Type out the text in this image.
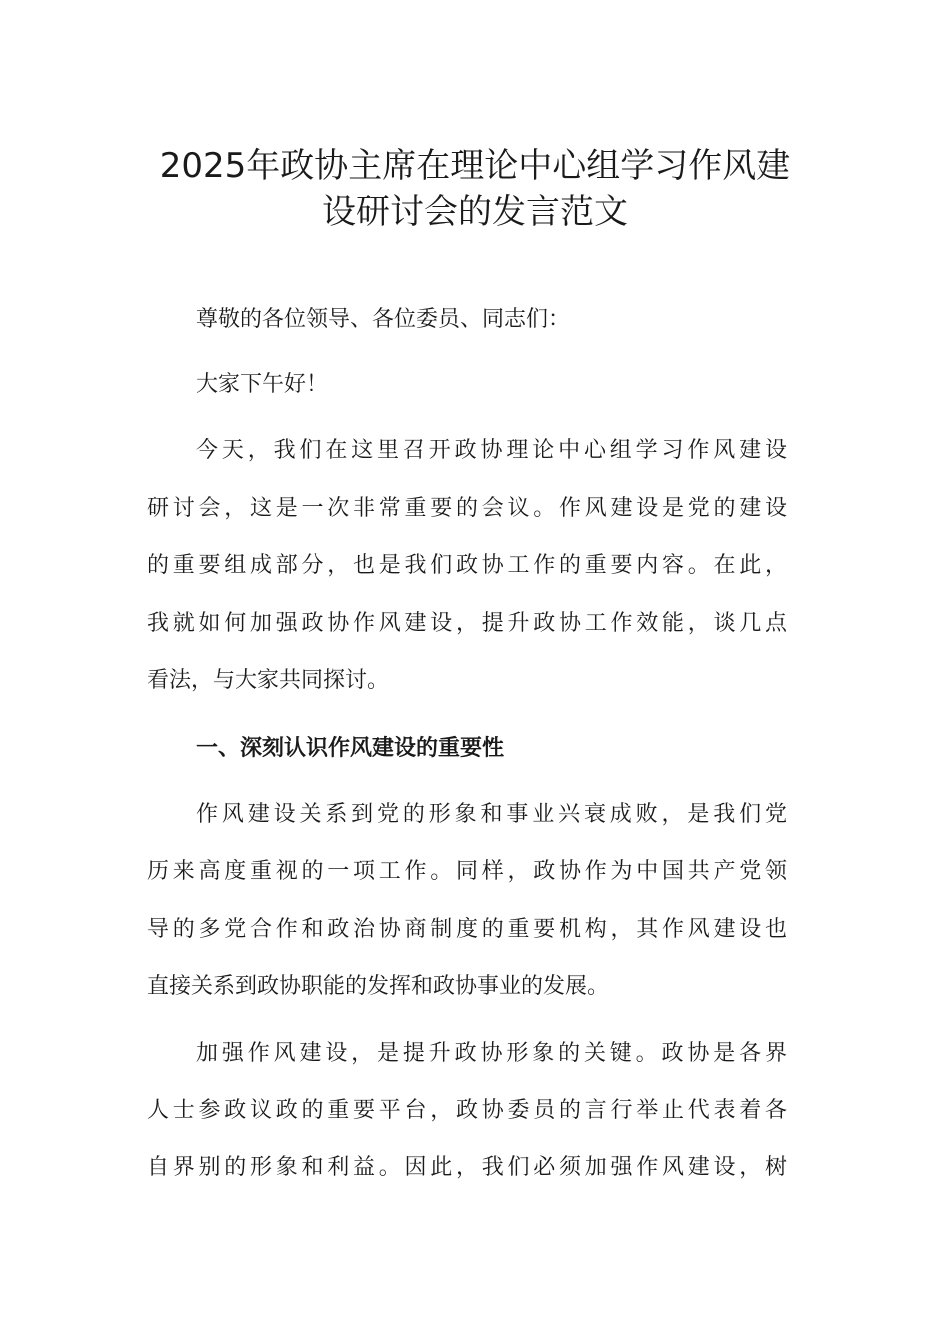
2025年政协主席在理论中心组学习作风建
设研讨会的发言范文
尊敬的各位领导、各位委员、同志们：
大家下午好！
今天，我们在这里召开政协理论中心组学习作风建设
研讨会，这是一次非常重要的会议。作风建设是党的建设
的重要组成部分，也是我们政协工作的重要内容。在此，
我就如何加强政协作风建设，提升政协工作效能，谈几点
看法，与大家共同探讨。
一、深刻认识作风建设的重要性
作风建设关系到党的形象和事业兴衰成败，是我们党
历来高度重视的一项工作。同样，政协作为中国共产党领
导的多党合作和政治协商制度的重要机构，其作风建设也
直接关系到政协职能的发挥和政协事业的发展。
加强作风建设，是提升政协形象的关键。政协是各界
人士参政议政的重要平台，政协委员的言行举止代表着各
自界别的形象和利益。因此，我们必须加强作风建设，树
